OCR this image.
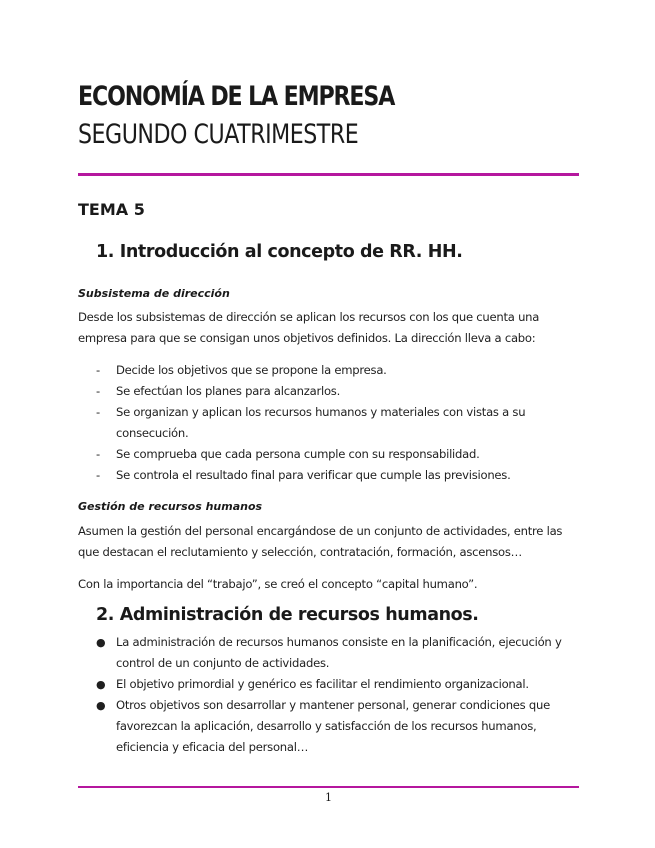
ECONOMÍA DE LA EMPRESA
SEGUNDO CUATRIMESTRE
TEMA 5
1. Introducción al concepto de RR. HH.
Subsistema de dirección
Desde los subsistemas de dirección se aplican los recursos con los que cuenta una empresa para que se consigan unos objetivos definidos. La dirección lleva a cabo:
- Decide los objetivos que se propone la empresa.
- Se efectúan los planes para alcanzarlos.
- Se organizan y aplican los recursos humanos y materiales con vistas a su consecución.
- Se comprueba que cada persona cumple con su responsabilidad.
- Se controla el resultado final para verificar que cumple las previsiones.
Gestión de recursos humanos
Asumen la gestión del personal encargándose de un conjunto de actividades, entre las que destacan el reclutamiento y selección, contratación, formación, ascensos…
Con la importancia del “trabajo”, se creó el concepto “capital humano”.
2. Administración de recursos humanos.
● La administración de recursos humanos consiste en la planificación, ejecución y control de un conjunto de actividades.
● El objetivo primordial y genérico es facilitar el rendimiento organizacional.
● Otros objetivos son desarrollar y mantener personal, generar condiciones que favorezcan la aplicación, desarrollo y satisfacción de los recursos humanos, eficiencia y eficacia del personal…
1
